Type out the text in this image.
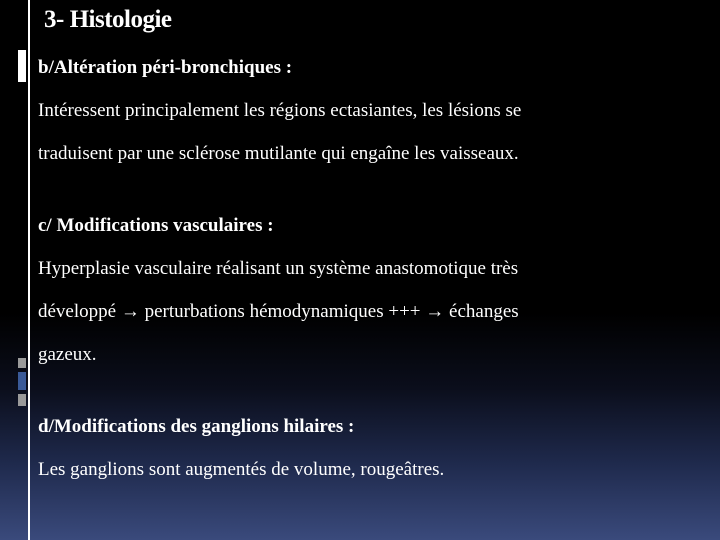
3- Histologie

b/Altération péri-bronchiques :

Intéressent principalement les régions ectasiantes, les lésions se

traduisent par une sclérose mutilante qui engaîne les vaisseaux.

c/ Modifications vasculaires :

Hyperplasie vasculaire réalisant un système anastomotique très

développé → perturbations hémodynamiques +++ → échanges

gazeux.

d/Modifications des ganglions hilaires :

Les ganglions sont augmentés de volume, rougeâtres.
